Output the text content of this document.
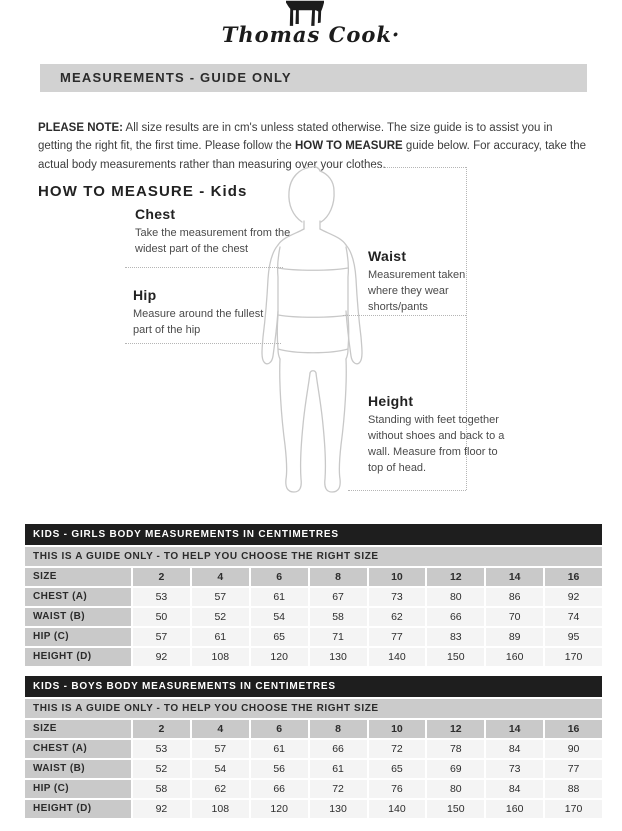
Thomas Cook·
MEASUREMENTS - GUIDE ONLY

PLEASE NOTE: All size results are in cm's unless stated otherwise. The size guide is to assist you in getting the right fit, the first time. Please follow the HOW TO MEASURE guide below. For accuracy, take the actual body measurements rather than measuring over your clothes.

HOW TO MEASURE - Kids
Chest

Take the measurement from the widest part of the chest

Hip

Measure around the fullest part of the hip

Waist

Measurement taken where they wear shorts/pants

Height

Standing with feet together without shoes and back to a wall. Measure from floor to top of head.

KIDS - GIRLS BODY MEASUREMENTS IN CENTIMETRES
THIS IS A GUIDE ONLY - TO HELP YOU CHOOSE THE RIGHT SIZE
SIZE	2	4	6	8	10	12	14	16
CHEST (A)	53	57	61	67	73	80	86	92
WAIST (B)	50	52	54	58	62	66	70	74
HIP (C)	57	61	65	71	77	83	89	95
HEIGHT (D)	92	108	120	130	140	150	160	170
KIDS - BOYS BODY MEASUREMENTS IN CENTIMETRES
THIS IS A GUIDE ONLY - TO HELP YOU CHOOSE THE RIGHT SIZE
SIZE	2	4	6	8	10	12	14	16
CHEST (A)	53	57	61	66	72	78	84	90
WAIST (B)	52	54	56	61	65	69	73	77
HIP (C)	58	62	66	72	76	80	84	88
HEIGHT (D)	92	108	120	130	140	150	160	170
